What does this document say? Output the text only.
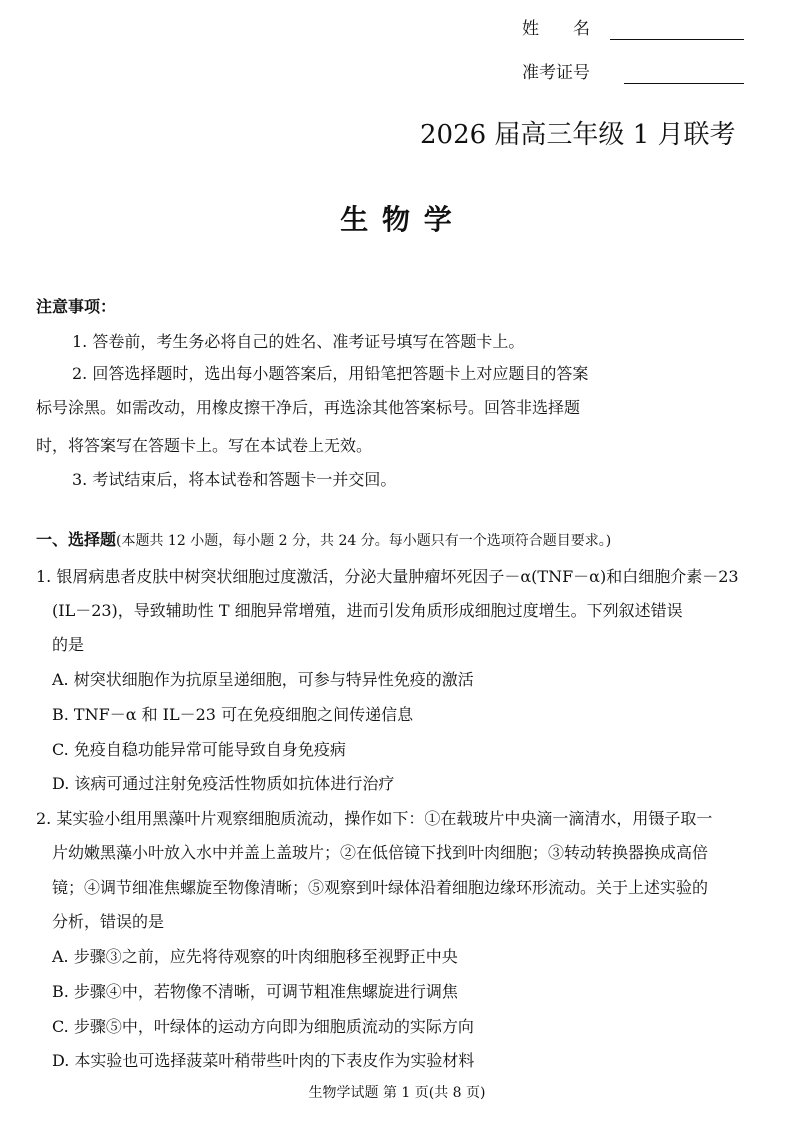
姓　　名
准考证号
2026 届高三年级 1 月联考
生 物 学
注意事项：
1. 答卷前，考生务必将自己的姓名、准考证号填写在答题卡上。
2. 回答选择题时，选出每小题答案后，用铅笔把答题卡上对应题目的答案
标号涂黑。如需改动，用橡皮擦干净后，再选涂其他答案标号。回答非选择题
时，将答案写在答题卡上。写在本试卷上无效。
3. 考试结束后，将本试卷和答题卡一并交回。
一、选择题(本题共 12 小题，每小题 2 分，共 24 分。每小题只有一个选项符合题目要求。)
1. 银屑病患者皮肤中树突状细胞过度激活，分泌大量肿瘤坏死因子－α(TNF－α)和白细胞介素－23
(IL－23)，导致辅助性 T 细胞异常增殖，进而引发角质形成细胞过度增生。下列叙述错误
的是
A. 树突状细胞作为抗原呈递细胞，可参与特异性免疫的激活
B. TNF－α 和 IL－23 可在免疫细胞之间传递信息
C. 免疫自稳功能异常可能导致自身免疫病
D. 该病可通过注射免疫活性物质如抗体进行治疗
2. 某实验小组用黑藻叶片观察细胞质流动，操作如下：①在载玻片中央滴一滴清水，用镊子取一
片幼嫩黑藻小叶放入水中并盖上盖玻片；②在低倍镜下找到叶肉细胞；③转动转换器换成高倍
镜；④调节细准焦螺旋至物像清晰；⑤观察到叶绿体沿着细胞边缘环形流动。关于上述实验的
分析，错误的是
A. 步骤③之前，应先将待观察的叶肉细胞移至视野正中央
B. 步骤④中，若物像不清晰，可调节粗准焦螺旋进行调焦
C. 步骤⑤中，叶绿体的运动方向即为细胞质流动的实际方向
D. 本实验也可选择菠菜叶稍带些叶肉的下表皮作为实验材料
生物学试题 第 1 页(共 8 页)
